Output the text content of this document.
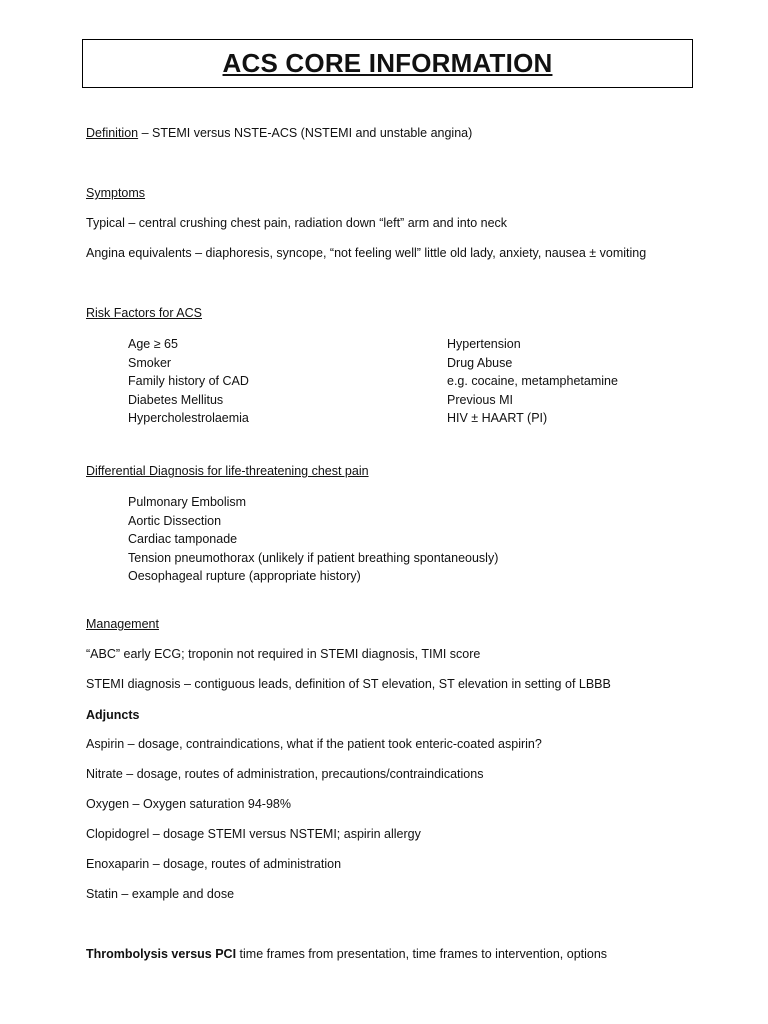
ACS CORE INFORMATION
Definition – STEMI versus NSTE-ACS (NSTEMI and unstable angina)
Symptoms
Typical – central crushing chest pain, radiation down “left” arm and into neck
Angina equivalents – diaphoresis, syncope, “not feeling well” little old lady, anxiety, nausea ± vomiting
Risk Factors for ACS
Age ≥ 65
Smoker
Family history of CAD
Diabetes Mellitus
Hypercholestrolaemia
Hypertension
Drug Abuse
e.g. cocaine, metamphetamine
Previous MI
HIV ± HAART (PI)
Differential Diagnosis for life-threatening chest pain
Pulmonary Embolism
Aortic Dissection
Cardiac tamponade
Tension pneumothorax (unlikely if patient breathing spontaneously)
Oesophageal rupture (appropriate history)
Management
“ABC” early ECG; troponin not required in STEMI diagnosis, TIMI score
STEMI diagnosis – contiguous leads, definition of ST elevation, ST elevation in setting of LBBB
Adjuncts
Aspirin – dosage, contraindications, what if the patient took enteric-coated aspirin?
Nitrate – dosage, routes of administration, precautions/contraindications
Oxygen – Oxygen saturation 94-98%
Clopidogrel – dosage STEMI versus NSTEMI; aspirin allergy
Enoxaparin – dosage, routes of administration
Statin – example and dose
Thrombolysis versus PCI time frames from presentation, time frames to intervention, options
